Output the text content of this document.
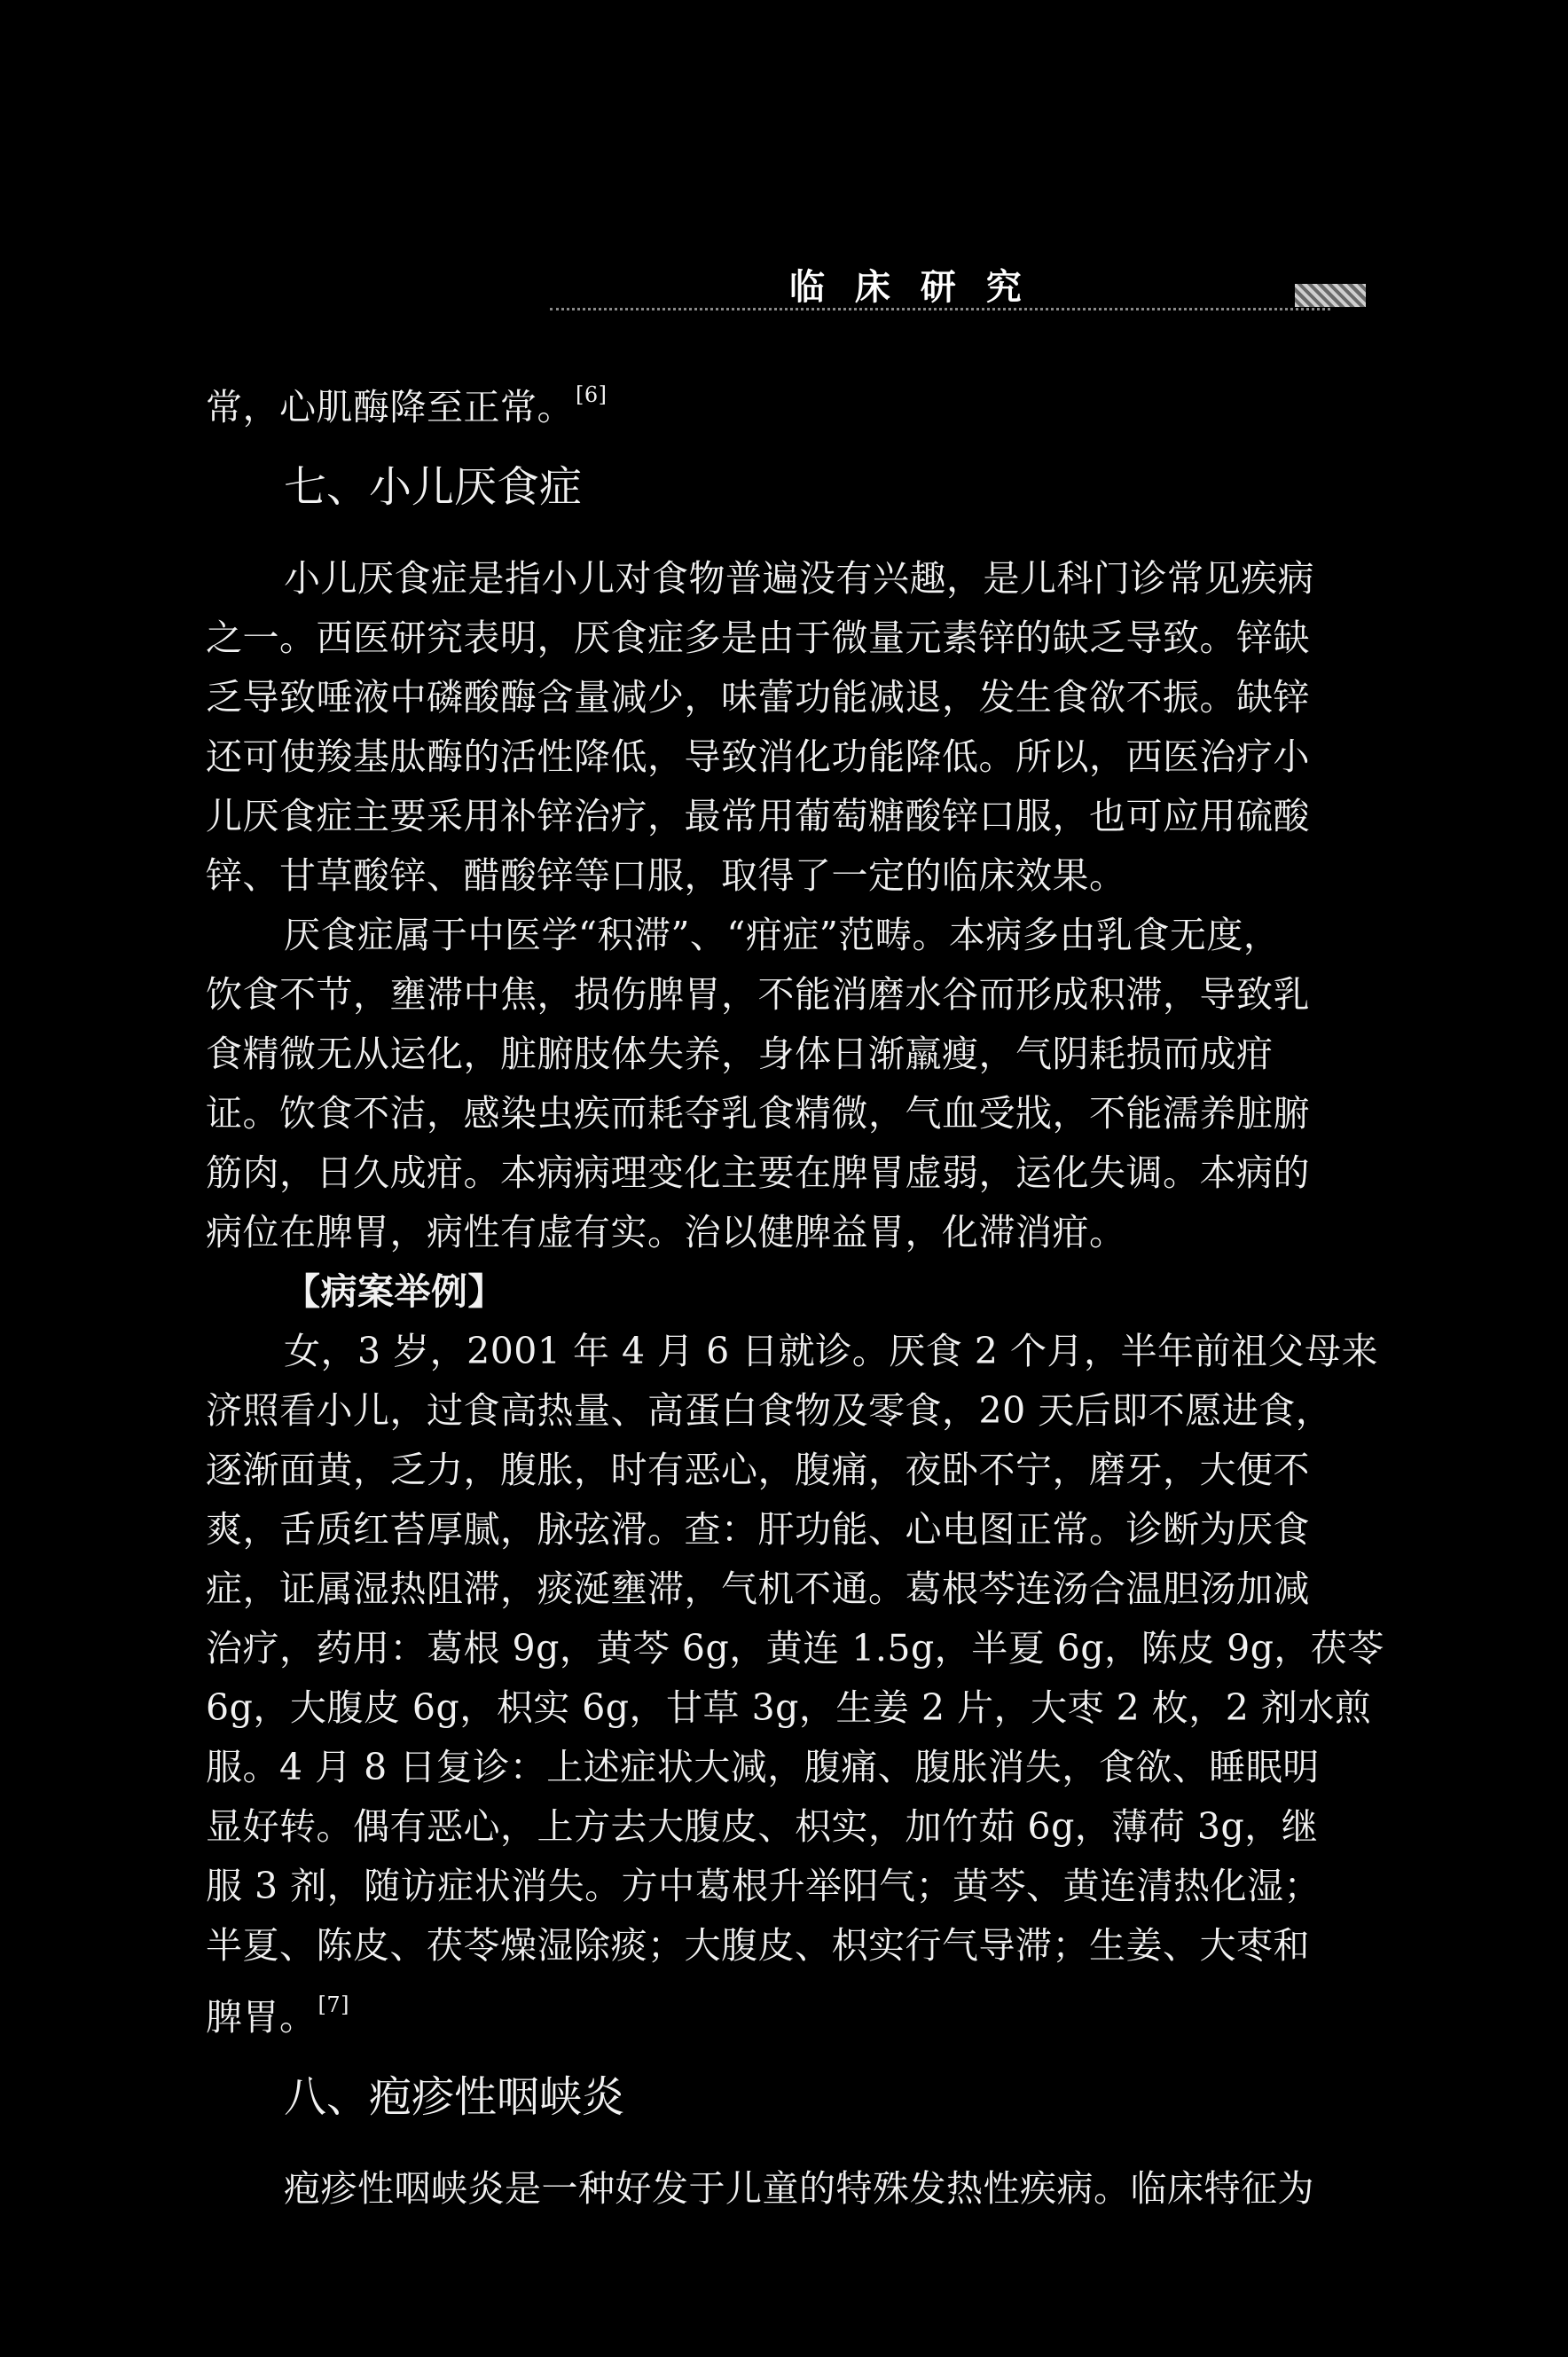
临 床 研 究
常，心肌酶降至正常。[6]
七、小儿厌食症
小儿厌食症是指小儿对食物普遍没有兴趣，是儿科门诊常见疾病
之一。西医研究表明，厌食症多是由于微量元素锌的缺乏导致。锌缺
乏导致唾液中磷酸酶含量减少，味蕾功能减退，发生食欲不振。缺锌
还可使羧基肽酶的活性降低，导致消化功能降低。所以，西医治疗小
儿厌食症主要采用补锌治疗，最常用葡萄糖酸锌口服，也可应用硫酸
锌、甘草酸锌、醋酸锌等口服，取得了一定的临床效果。
厌食症属于中医学“积滞”、“疳症”范畴。本病多由乳食无度，
饮食不节，壅滞中焦，损伤脾胃，不能消磨水谷而形成积滞，导致乳
食精微无从运化，脏腑肢体失养，身体日渐羸瘦，气阴耗损而成疳
证。饮食不洁，感染虫疾而耗夺乳食精微，气血受戕，不能濡养脏腑
筋肉，日久成疳。本病病理变化主要在脾胃虚弱，运化失调。本病的
病位在脾胃，病性有虚有实。治以健脾益胃，化滞消疳。
【病案举例】
女，3 岁，2001 年 4 月 6 日就诊。厌食 2 个月，半年前祖父母来
济照看小儿，过食高热量、高蛋白食物及零食，20 天后即不愿进食，
逐渐面黄，乏力，腹胀，时有恶心，腹痛，夜卧不宁，磨牙，大便不
爽，舌质红苔厚腻，脉弦滑。查：肝功能、心电图正常。诊断为厌食
症，证属湿热阻滞，痰涎壅滞，气机不通。葛根芩连汤合温胆汤加减
治疗，药用：葛根 9g，黄芩 6g，黄连 1.5g，半夏 6g，陈皮 9g，茯苓
6g，大腹皮 6g，枳实 6g，甘草 3g，生姜 2 片，大枣 2 枚，2 剂水煎
服。4 月 8 日复诊：上述症状大减，腹痛、腹胀消失，食欲、睡眠明
显好转。偶有恶心，上方去大腹皮、枳实，加竹茹 6g，薄荷 3g，继
服 3 剂，随访症状消失。方中葛根升举阳气；黄芩、黄连清热化湿；
半夏、陈皮、茯苓燥湿除痰；大腹皮、枳实行气导滞；生姜、大枣和
脾胃。[7]
八、疱疹性咽峡炎
疱疹性咽峡炎是一种好发于儿童的特殊发热性疾病。临床特征为
